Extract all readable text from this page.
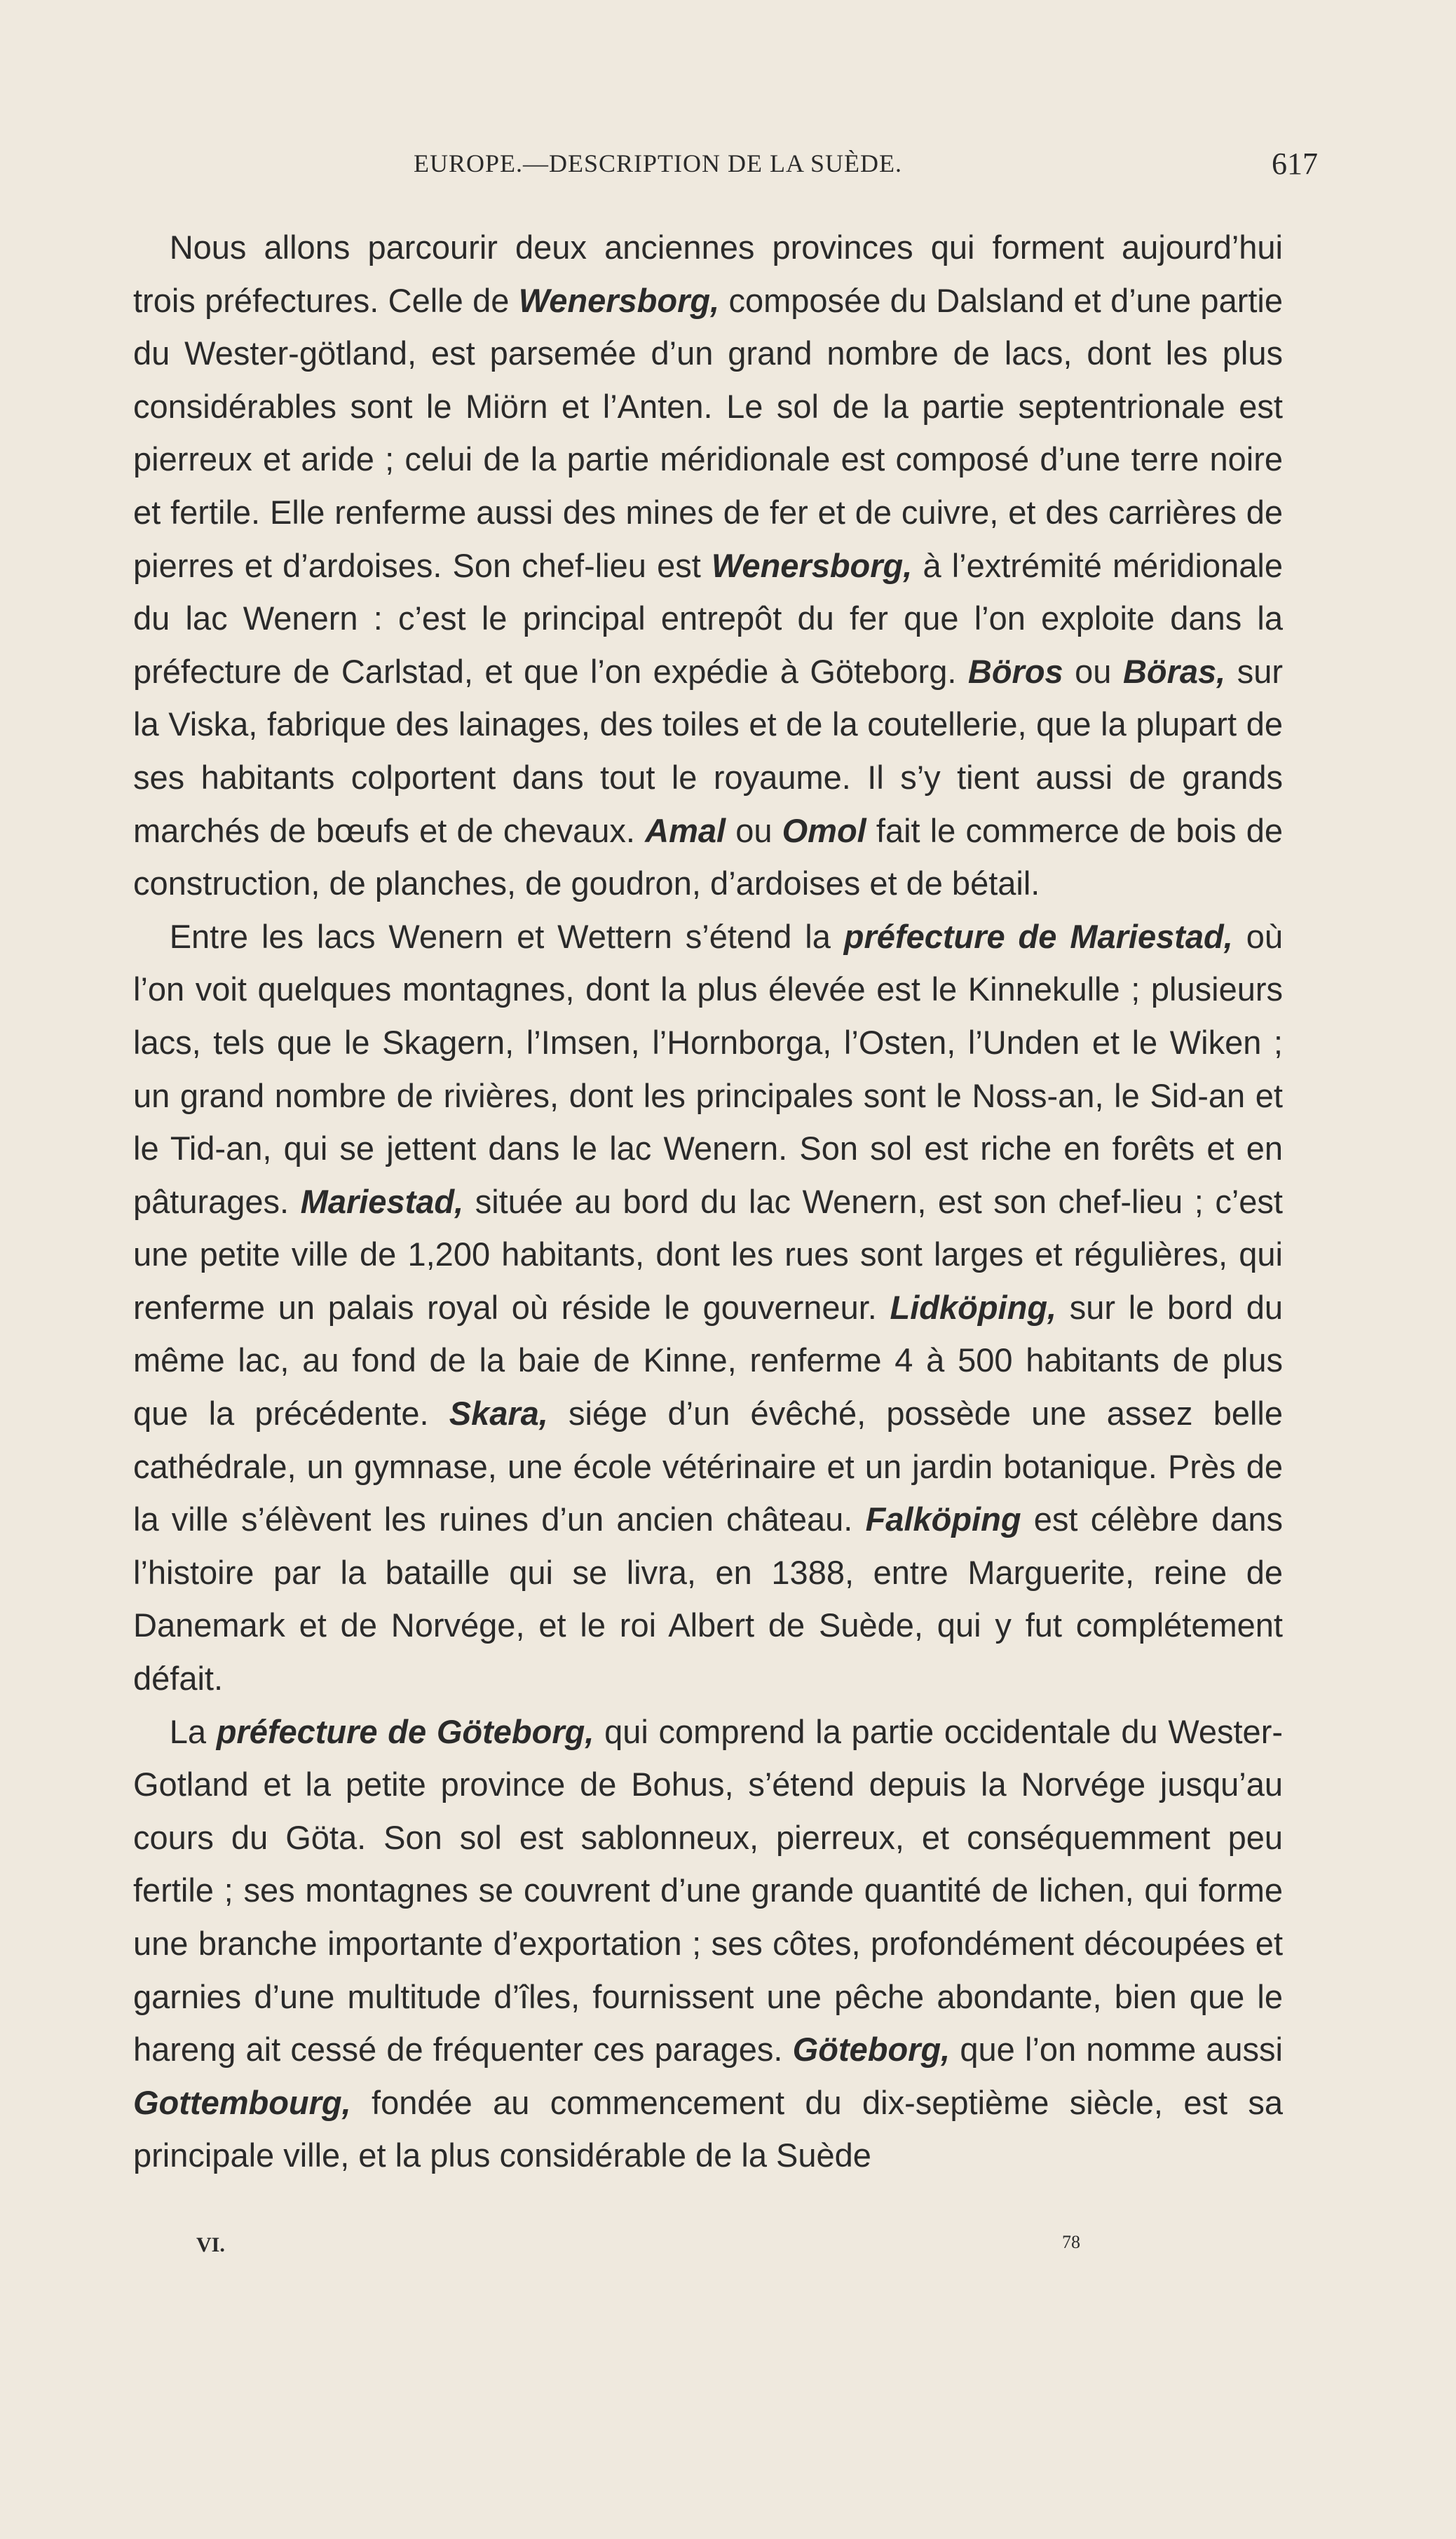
EUROPE.—DESCRIPTION DE LA SUÈDE.	617

Nous allons parcourir deux anciennes provinces qui forment aujourd’hui trois préfectures. Celle de Wenersborg, composée du Dalsland et d’une partie du Wester-götland, est parsemée d’un grand nombre de lacs, dont les plus considérables sont le Miörn et l’Anten. Le sol de la partie septentrionale est pierreux et aride ; celui de la partie méridionale est composé d’une terre noire et fertile. Elle renferme aussi des mines de fer et de cuivre, et des carrières de pierres et d’ardoises. Son chef-lieu est Wenersborg, à l’extrémité méridionale du lac Wenern : c’est le principal entrepôt du fer que l’on exploite dans la préfecture de Carlstad, et que l’on expédie à Göteborg. Böros ou Böras, sur la Viska, fabrique des lainages, des toiles et de la coutellerie, que la plupart de ses habitants colportent dans tout le royaume. Il s’y tient aussi de grands marchés de bœufs et de chevaux. Amal ou Omol fait le commerce de bois de construction, de planches, de goudron, d’ardoises et de bétail.

Entre les lacs Wenern et Wettern s’étend la préfecture de Mariestad, où l’on voit quelques montagnes, dont la plus élevée est le Kinnekulle ; plusieurs lacs, tels que le Skagern, l’Imsen, l’Hornborga, l’Osten, l’Unden et le Wiken ; un grand nombre de rivières, dont les principales sont le Noss-an, le Sid-an et le Tid-an, qui se jettent dans le lac Wenern. Son sol est riche en forêts et en pâturages. Mariestad, située au bord du lac Wenern, est son chef-lieu ; c’est une petite ville de 1,200 habitants, dont les rues sont larges et régulières, qui renferme un palais royal où réside le gouverneur. Lidköping, sur le bord du même lac, au fond de la baie de Kinne, renferme 4 à 500 habitants de plus que la précédente. Skara, siége d’un évêché, possède une assez belle cathédrale, un gymnase, une école vétérinaire et un jardin botanique. Près de la ville s’élèvent les ruines d’un ancien château. Falköping est célèbre dans l’histoire par la bataille qui se livra, en 1388, entre Marguerite, reine de Danemark et de Norvége, et le roi Albert de Suède, qui y fut complétement défait.

La préfecture de Göteborg, qui comprend la partie occidentale du Wester-Gotland et la petite province de Bohus, s’étend depuis la Norvége jusqu’au cours du Göta. Son sol est sablonneux, pierreux, et conséquemment peu fertile ; ses montagnes se couvrent d’une grande quantité de lichen, qui forme une branche importante d’exportation ; ses côtes, profondément découpées et garnies d’une multitude d’îles, fournissent une pêche abondante, bien que le hareng ait cessé de fréquenter ces parages. Göteborg, que l’on nomme aussi Gottembourg, fondée au commencement du dix-septième siècle, est sa principale ville, et la plus considérable de la Suède

VI.	78
